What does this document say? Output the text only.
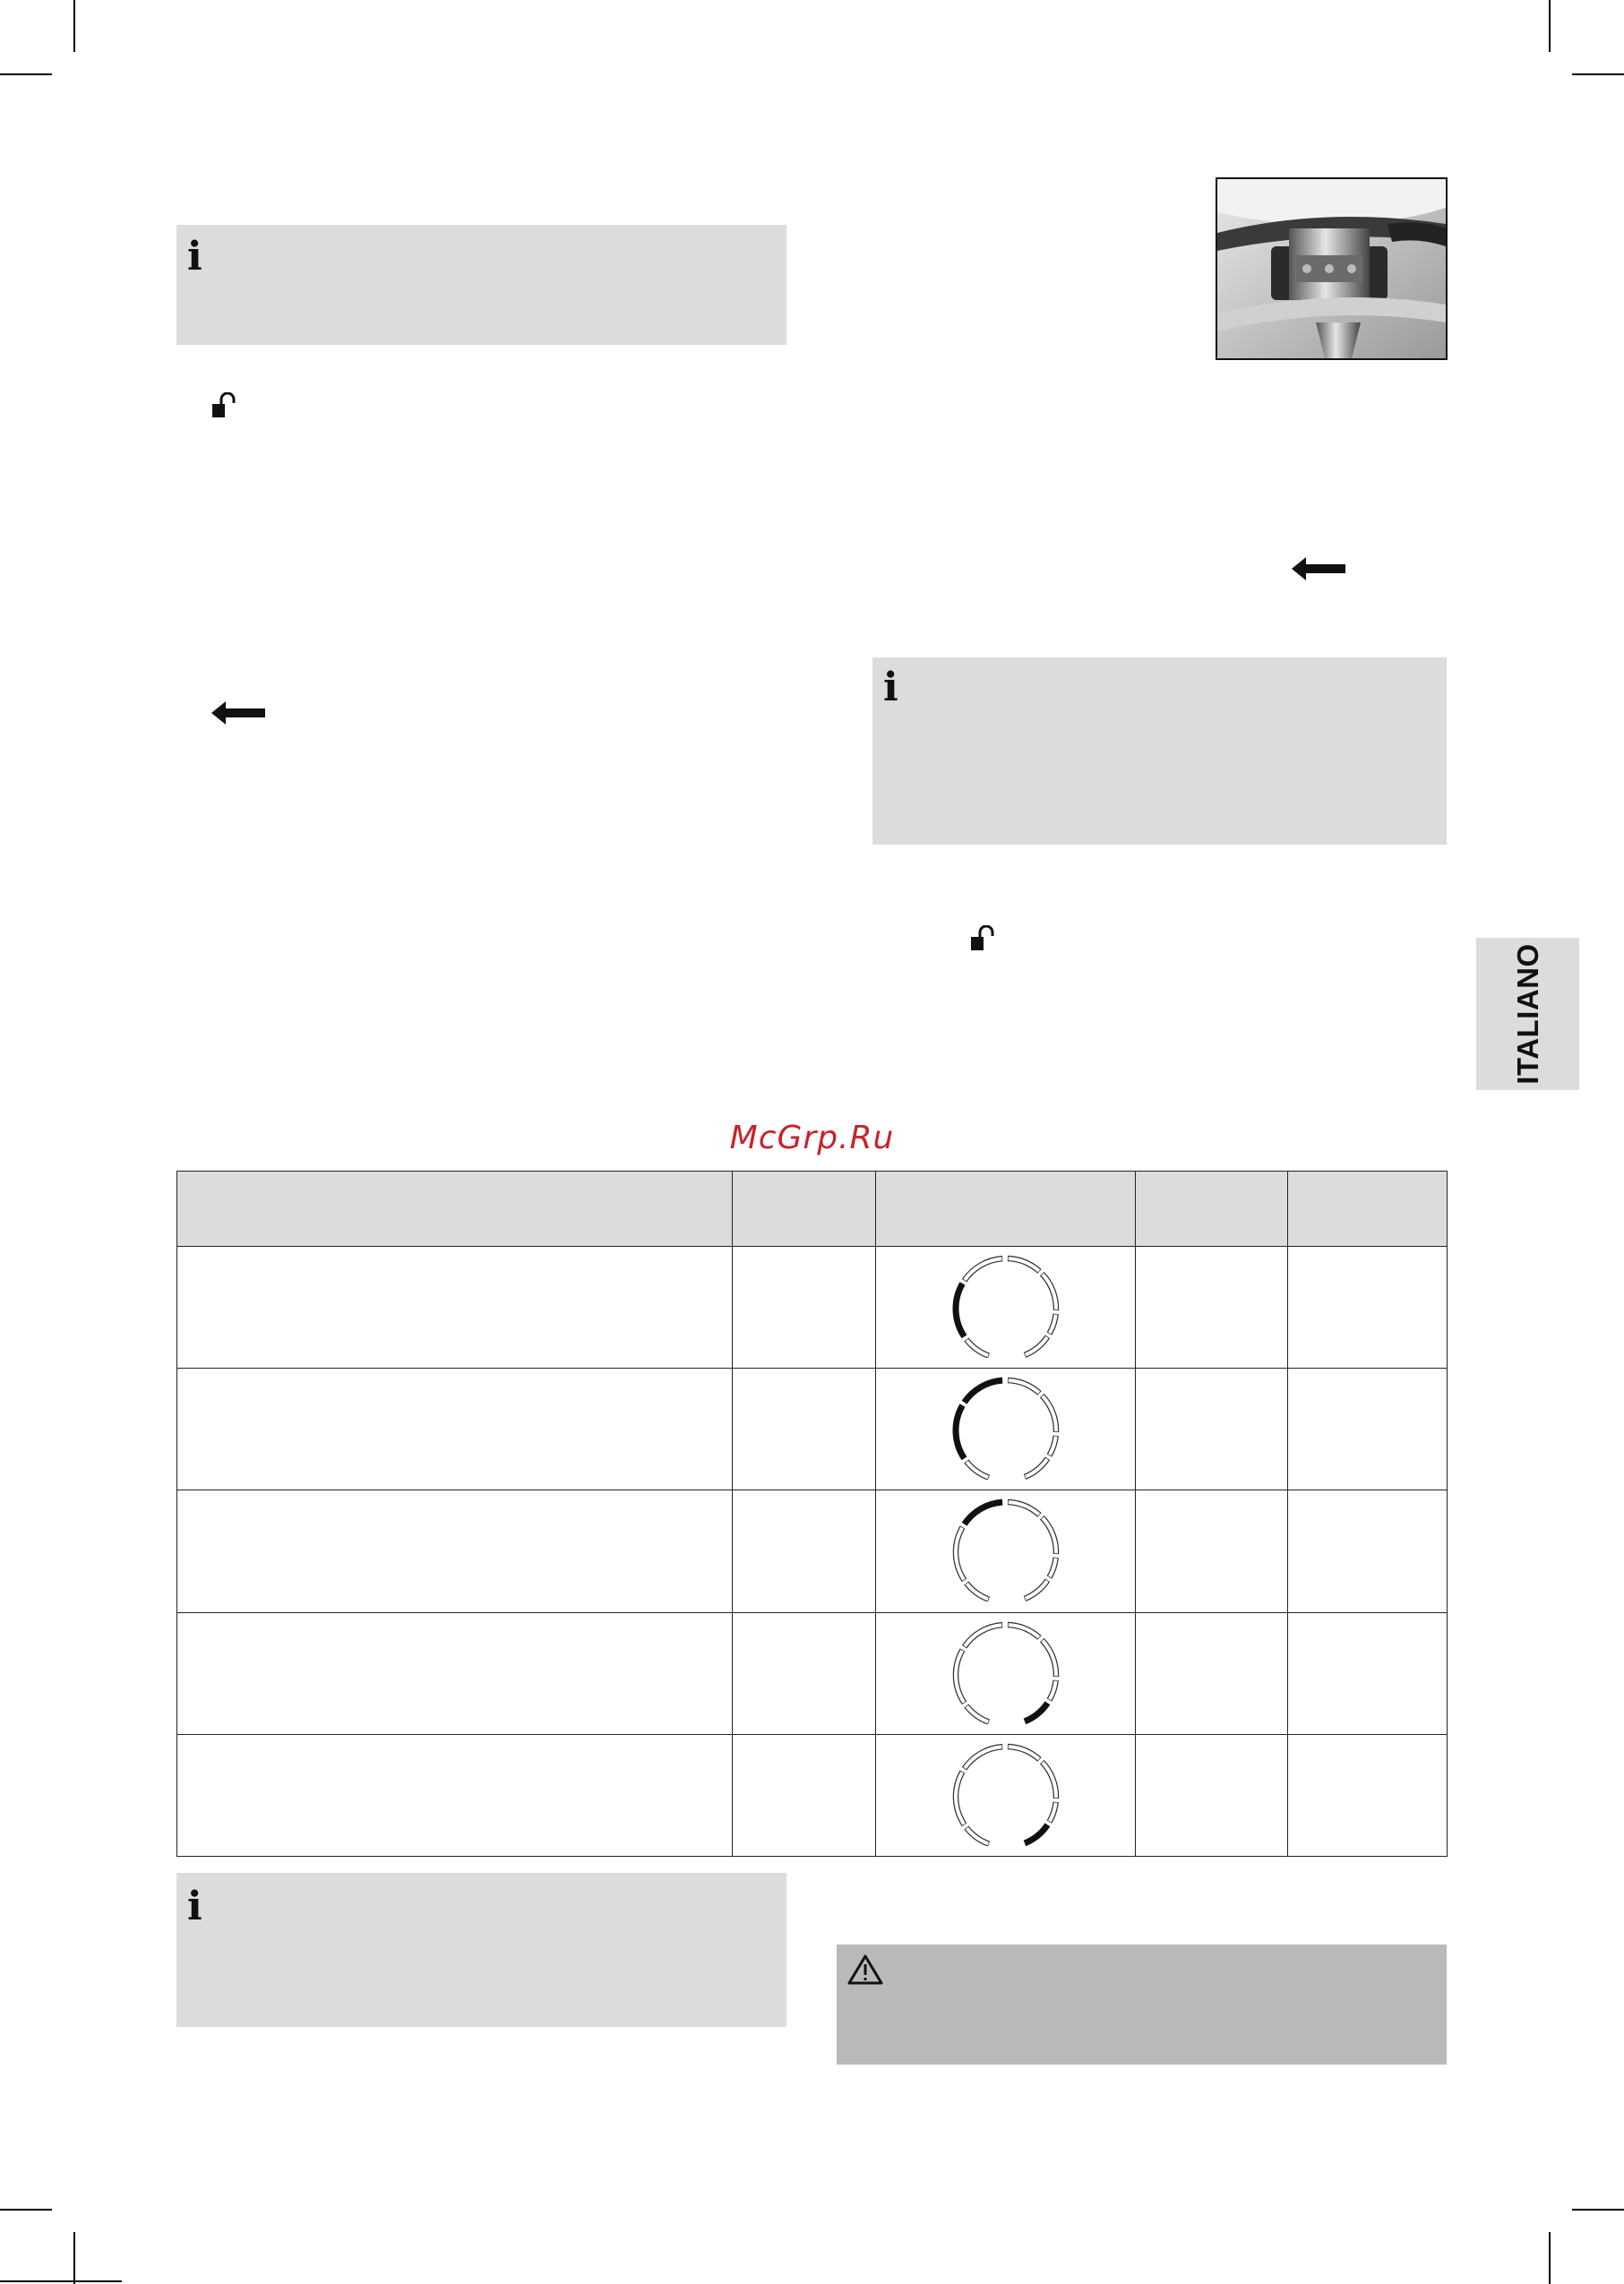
i
i
ITALIANO
McGrp.Ru

i
